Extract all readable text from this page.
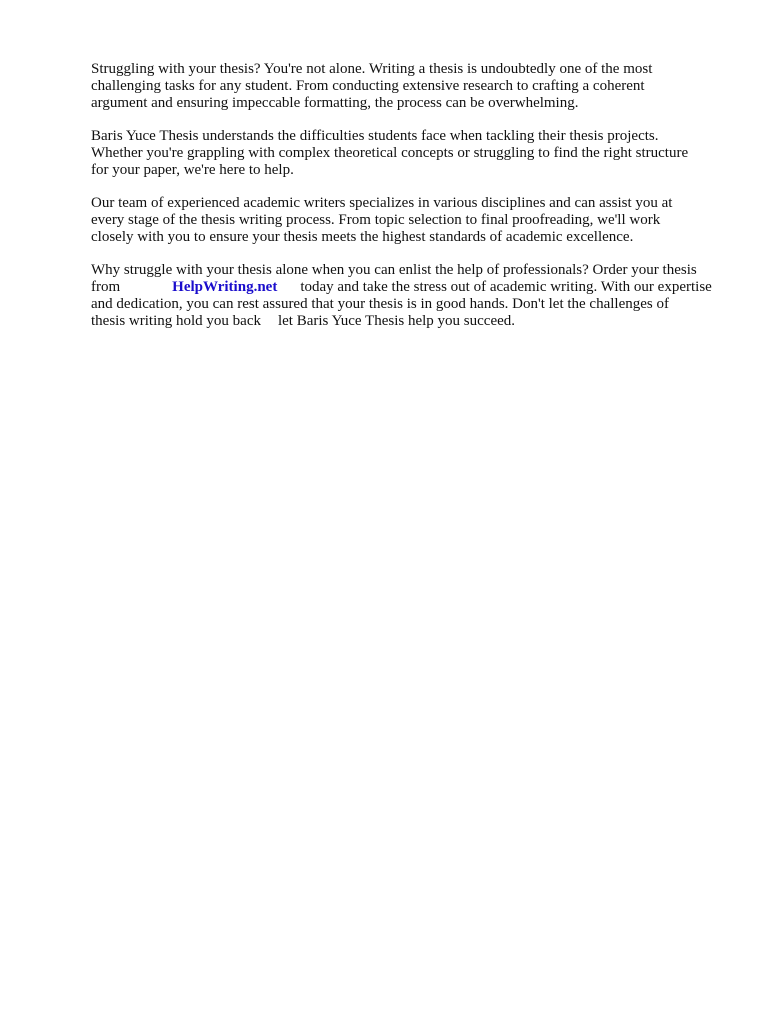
Struggling with your thesis? You're not alone. Writing a thesis is undoubtedly one of the most
challenging tasks for any student. From conducting extensive research to crafting a coherent
argument and ensuring impeccable formatting, the process can be overwhelming.

Baris Yuce Thesis understands the difficulties students face when tackling their thesis projects.
Whether you're grappling with complex theoretical concepts or struggling to find the right structure
for your paper, we're here to help.

Our team of experienced academic writers specializes in various disciplines and can assist you at
every stage of the thesis writing process. From topic selection to final proofreading, we'll work
closely with you to ensure your thesis meets the highest standards of academic excellence.

Why struggle with your thesis alone when you can enlist the help of professionals? Order your thesis
from	HelpWriting.net today and take the stress out of academic writing. With our expertise
and dedication, you can rest assured that your thesis is in good hands. Don't let the challenges of
thesis writing hold you back let Baris Yuce Thesis help you succeed.
